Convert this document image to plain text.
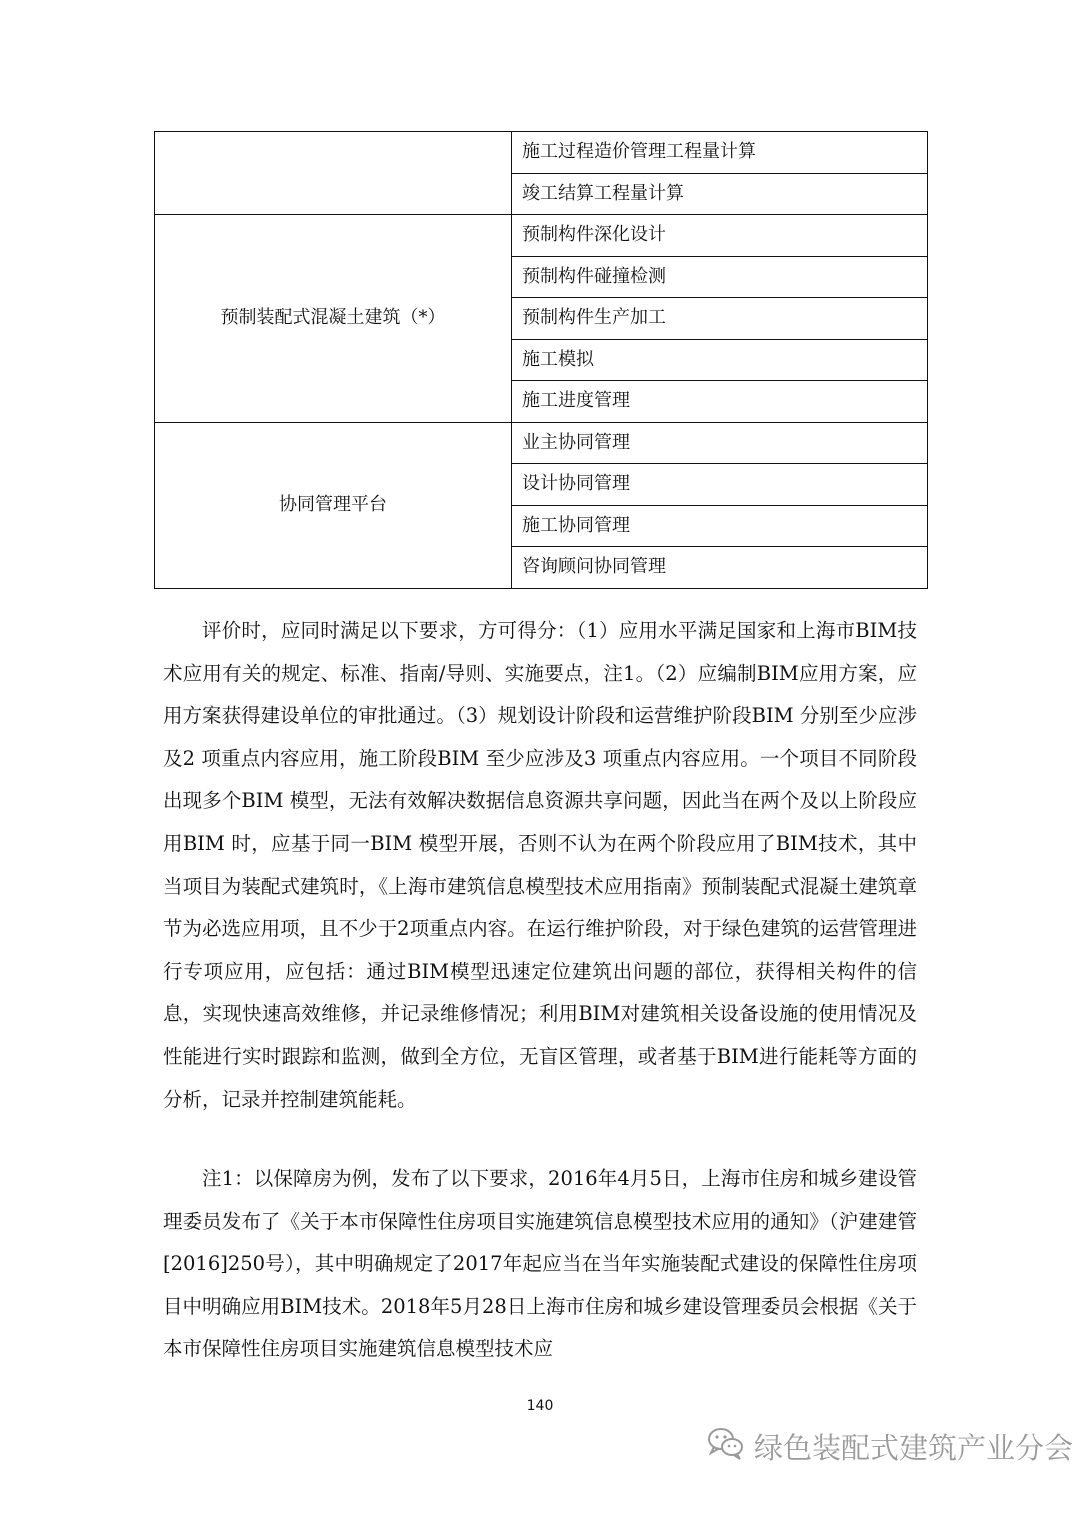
	施工过程造价管理工程量计算
	竣工结算工程量计算
预制装配式混凝土建筑（*）	预制构件深化设计
	预制构件碰撞检测
	预制构件生产加工
	施工模拟
	施工进度管理
协同管理平台	业主协同管理
	设计协同管理
	施工协同管理
	咨询顾问协同管理

评价时，应同时满足以下要求，方可得分：（1）应用水平满足国家和上海市BIM技术应用有关的规定、标准、指南/导则、实施要点，注1。（2）应编制BIM应用方案，应用方案获得建设单位的审批通过。（3）规划设计阶段和运营维护阶段BIM 分别至少应涉及2 项重点内容应用，施工阶段BIM 至少应涉及3 项重点内容应用。一个项目不同阶段出现多个BIM 模型，无法有效解决数据信息资源共享问题，因此当在两个及以上阶段应用BIM 时，应基于同一BIM 模型开展，否则不认为在两个阶段应用了BIM技术，其中当项目为装配式建筑时，《上海市建筑信息模型技术应用指南》预制装配式混凝土建筑章节为必选应用项，且不少于2项重点内容。在运行维护阶段，对于绿色建筑的运营管理进行专项应用，应包括：通过BIM模型迅速定位建筑出问题的部位，获得相关构件的信息，实现快速高效维修，并记录维修情况；利用BIM对建筑相关设备设施的使用情况及性能进行实时跟踪和监测，做到全方位，无盲区管理，或者基于BIM进行能耗等方面的分析，记录并控制建筑能耗。

注1：以保障房为例，发布了以下要求，2016年4月5日，上海市住房和城乡建设管理委员发布了《关于本市保障性住房项目实施建筑信息模型技术应用的通知》（沪建建管[2016]250号），其中明确规定了2017年起应当在当年实施装配式建设的保障性住房项目中明确应用BIM技术。2018年5月28日上海市住房和城乡建设管理委员会根据《关于本市保障性住房项目实施建筑信息模型技术应

140
绿色装配式建筑产业分会
